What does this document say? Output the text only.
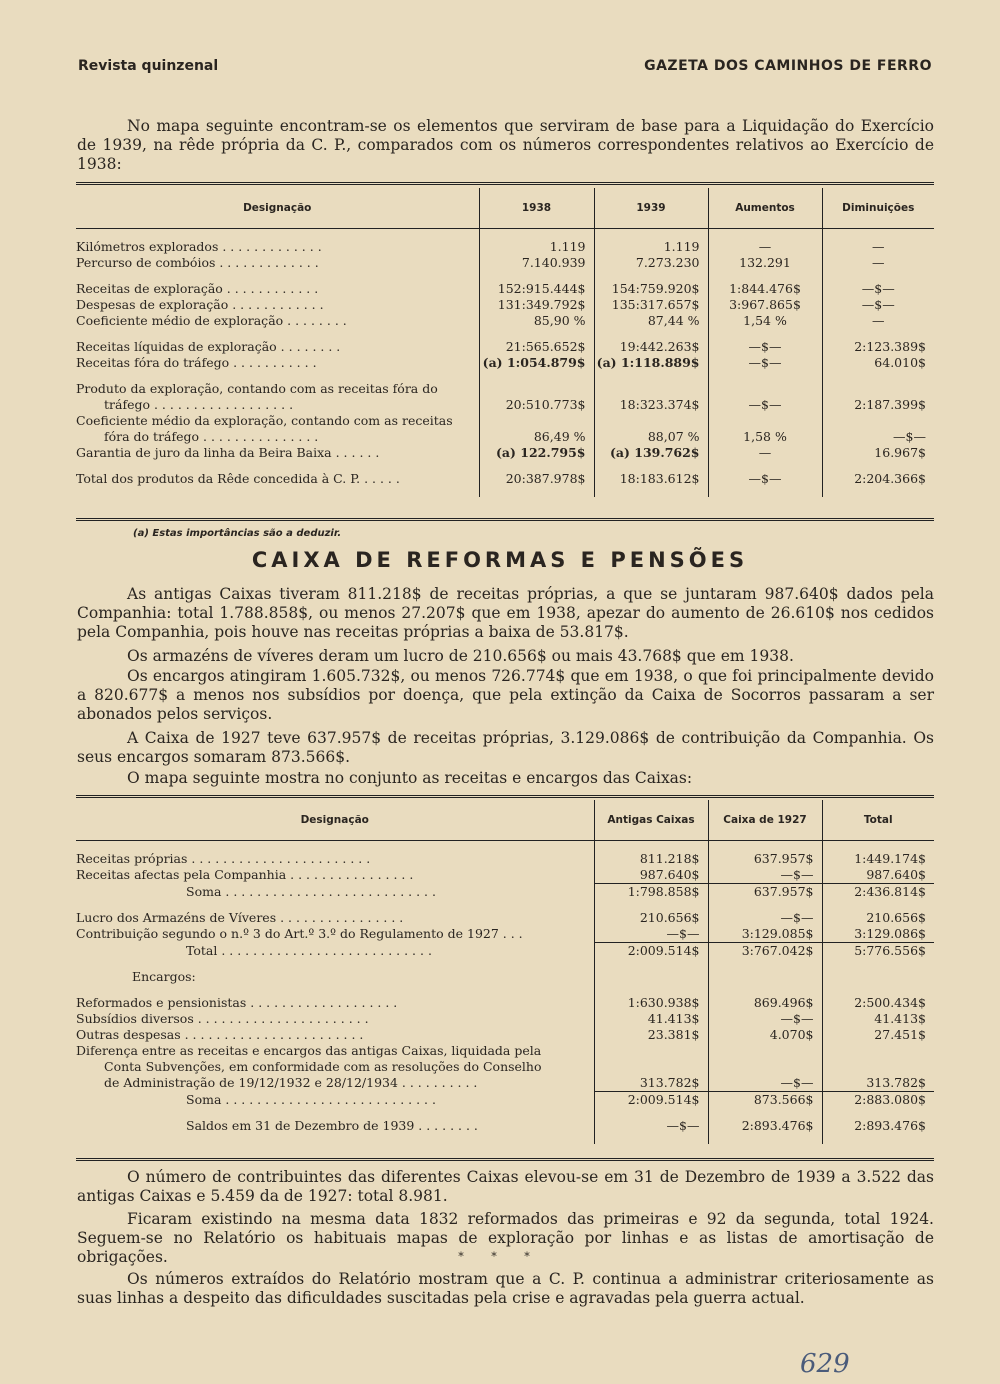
Revista quinzenal	GAZETA DOS CAMINHOS DE FERRO

No mapa seguinte encontram-se os elementos que serviram de base para a Liquidação do Exercício de 1939, na rêde própria da C. P., comparados com os números correspondentes relativos ao Exercício de 1938:

Designação	1938	1939	Aumentos	Diminuições

Kilómetros explorados . . . . . . . . . . . . .	1.119	1.119	—	—
Percurso de combóios . . . . . . . . . . . . .	7.140.939	7.273.230	132.291	—

Receitas de exploração . . . . . . . . . . . .	152:915.444$	154:759.920$	1:844.476$	—$—
Despesas de exploração . . . . . . . . . . . .	131:349.792$	135:317.657$	3:967.865$	—$—
Coeficiente médio de exploração . . . . . . . .	85,90 %	87,44 %	1,54 %	—

Receitas líquidas de exploração . . . . . . . .	21:565.652$	19:442.263$	—$—	2:123.389$
Receitas fóra do tráfego . . . . . . . . . . .	(a) 1:054.879$	(a) 1:118.889$	—$—	64.010$

Produto da exploração, contando com as receitas fóra do				
tráfego . . . . . . . . . . . . . . . . . .	20:510.773$	18:323.374$	—$—	2:187.399$
Coeficiente médio da exploração, contando com as receitas				
fóra do tráfego . . . . . . . . . . . . . . .	86,49 %	88,07 %	1,58 %	—$—
Garantia de juro da linha da Beira Baixa . . . . . .	(a) 122.795$	(a) 139.762$	—	16.967$

Total dos produtos da Rêde concedida à C. P. . . . . .	20:387.978$	18:183.612$	—$—	2:204.366$

(a) Estas importâncias são a deduzir.
CAIXA DE REFORMAS E PENSÕES

As antigas Caixas tiveram 811.218$ de receitas próprias, a que se juntaram 987.640$ dados pela Companhia: total 1.788.858$, ou menos 27.207$ que em 1938, apezar do aumento de 26.610$ nos cedidos pela Companhia, pois houve nas receitas próprias a baixa de 53.817$.

Os armazéns de víveres deram um lucro de 210.656$ ou mais 43.768$ que em 1938.

Os encargos atingiram 1.605.732$, ou menos 726.774$ que em 1938, o que foi principalmente devido a 820.677$ a menos nos subsídios por doença, que pela extinção da Caixa de Socorros passaram a ser abonados pelos serviços.

A Caixa de 1927 teve 637.957$ de receitas próprias, 3.129.086$ de contribuição da Companhia. Os seus encargos somaram 873.566$.

O mapa seguinte mostra no conjunto as receitas e encargos das Caixas:

Designação	Antigas Caixas	Caixa de 1927	Total

Receitas próprias . . . . . . . . . . . . . . . . . . . . . . .	811.218$	637.957$	1:449.174$
Receitas afectas pela Companhia . . . . . . . . . . . . . . . .	987.640$	—$—	987.640$
Soma . . . . . . . . . . . . . . . . . . . . . . . . . . .	1:798.858$	637.957$	2:436.814$

Lucro dos Armazéns de Víveres . . . . . . . . . . . . . . . .	210.656$	—$—	210.656$
Contribuição segundo o n.º 3 do Art.º 3.º do Regulamento de 1927 . . .	—$—	3:129.085$	3:129.086$
Total . . . . . . . . . . . . . . . . . . . . . . . . . . .	2:009.514$	3:767.042$	5:776.556$

Encargos:			

Reformados e pensionistas . . . . . . . . . . . . . . . . . . .	1:630.938$	869.496$	2:500.434$
Subsídios diversos . . . . . . . . . . . . . . . . . . . . . .	41.413$	—$—	41.413$
Outras despesas . . . . . . . . . . . . . . . . . . . . . . .	23.381$	4.070$	27.451$
Diferença entre as receitas e encargos das antigas Caixas, liquidada pela			
Conta Subvenções, em conformidade com as resoluções do Conselho			
de Administração de 19/12/1932 e 28/12/1934 . . . . . . . . . .	313.782$	—$—	313.782$
Soma . . . . . . . . . . . . . . . . . . . . . . . . . . .	2:009.514$	873.566$	2:883.080$

Saldos em 31 de Dezembro de 1939 . . . . . . . .	—$—	2:893.476$	2:893.476$

O número de contribuintes das diferentes Caixas elevou-se em 31 de Dezembro de 1939 a 3.522 das antigas Caixas e 5.459 da de 1927: total 8.981.

Ficaram existindo na mesma data 1832 reformados das primeiras e 92 da segunda, total 1924. Seguem-se no Relatório os habituais mapas de exploração por linhas e as listas de amortisação de obrigações.	* * *

Os números extraídos do Relatório mostram que a C. P. continua a administrar criteriosamente as suas linhas a despeito das dificuldades suscitadas pela crise e agravadas pela guerra actual.

629
